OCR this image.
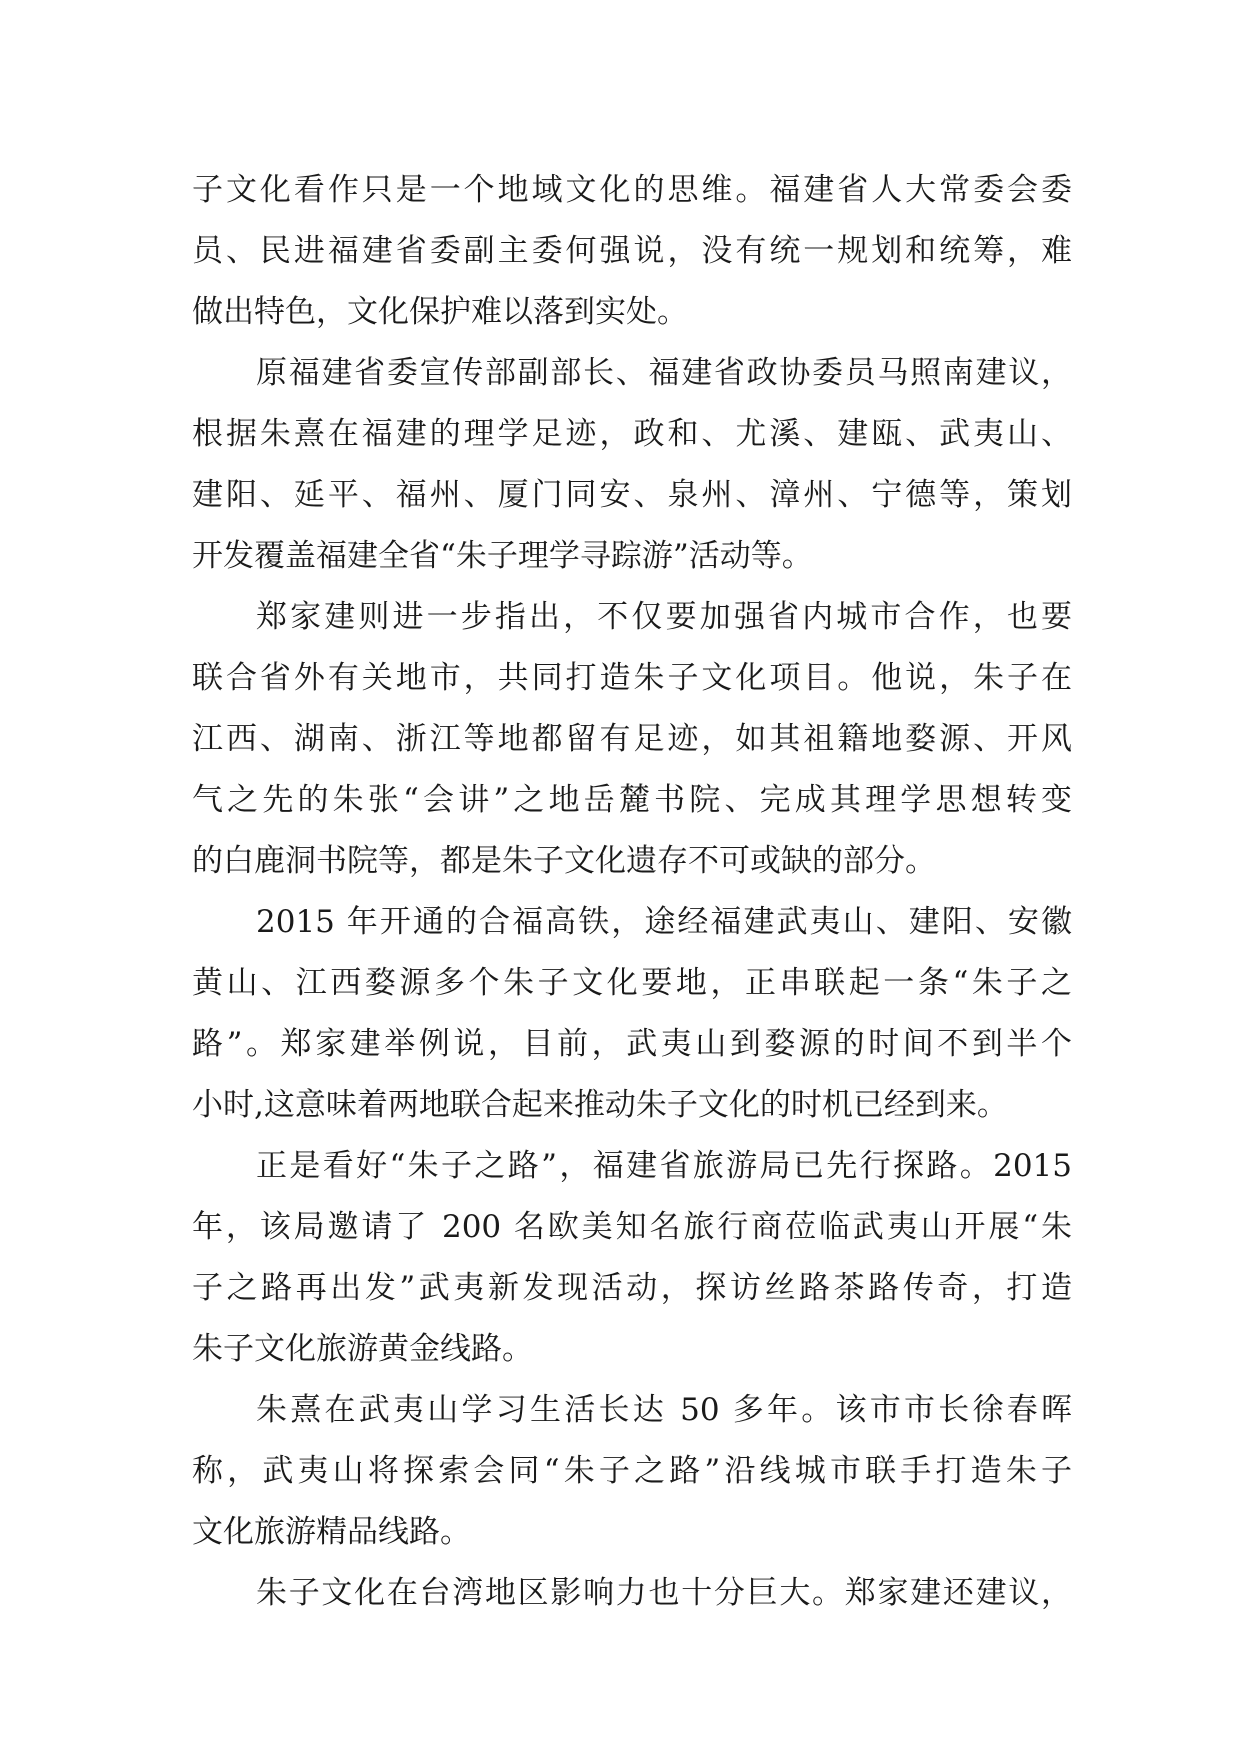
子文化看作只是一个地域文化的思维。福建省人大常委会委
员、民进福建省委副主委何强说，没有统一规划和统筹，难
做出特色，文化保护难以落到实处。
原福建省委宣传部副部长、福建省政协委员马照南建议，
根据朱熹在福建的理学足迹，政和、尤溪、建瓯、武夷山、
建阳、延平、福州、厦门同安、泉州、漳州、宁德等，策划
开发覆盖福建全省“朱子理学寻踪游”活动等。
郑家建则进一步指出，不仅要加强省内城市合作，也要
联合省外有关地市，共同打造朱子文化项目。他说，朱子在
江西、湖南、浙江等地都留有足迹，如其祖籍地婺源、开风
气之先的朱张“会讲”之地岳麓书院、完成其理学思想转变
的白鹿洞书院等，都是朱子文化遗存不可或缺的部分。
2015 年开通的合福高铁，途经福建武夷山、建阳、安徽
黄山、江西婺源多个朱子文化要地，正串联起一条“朱子之
路”。郑家建举例说，目前，武夷山到婺源的时间不到半个
小时,这意味着两地联合起来推动朱子文化的时机已经到来。
正是看好“朱子之路”，福建省旅游局已先行探路。2015
年，该局邀请了 200 名欧美知名旅行商莅临武夷山开展“朱
子之路再出发”武夷新发现活动，探访丝路茶路传奇，打造
朱子文化旅游黄金线路。
朱熹在武夷山学习生活长达 50 多年。该市市长徐春晖
称，武夷山将探索会同“朱子之路”沿线城市联手打造朱子
文化旅游精品线路。
朱子文化在台湾地区影响力也十分巨大。郑家建还建议，
